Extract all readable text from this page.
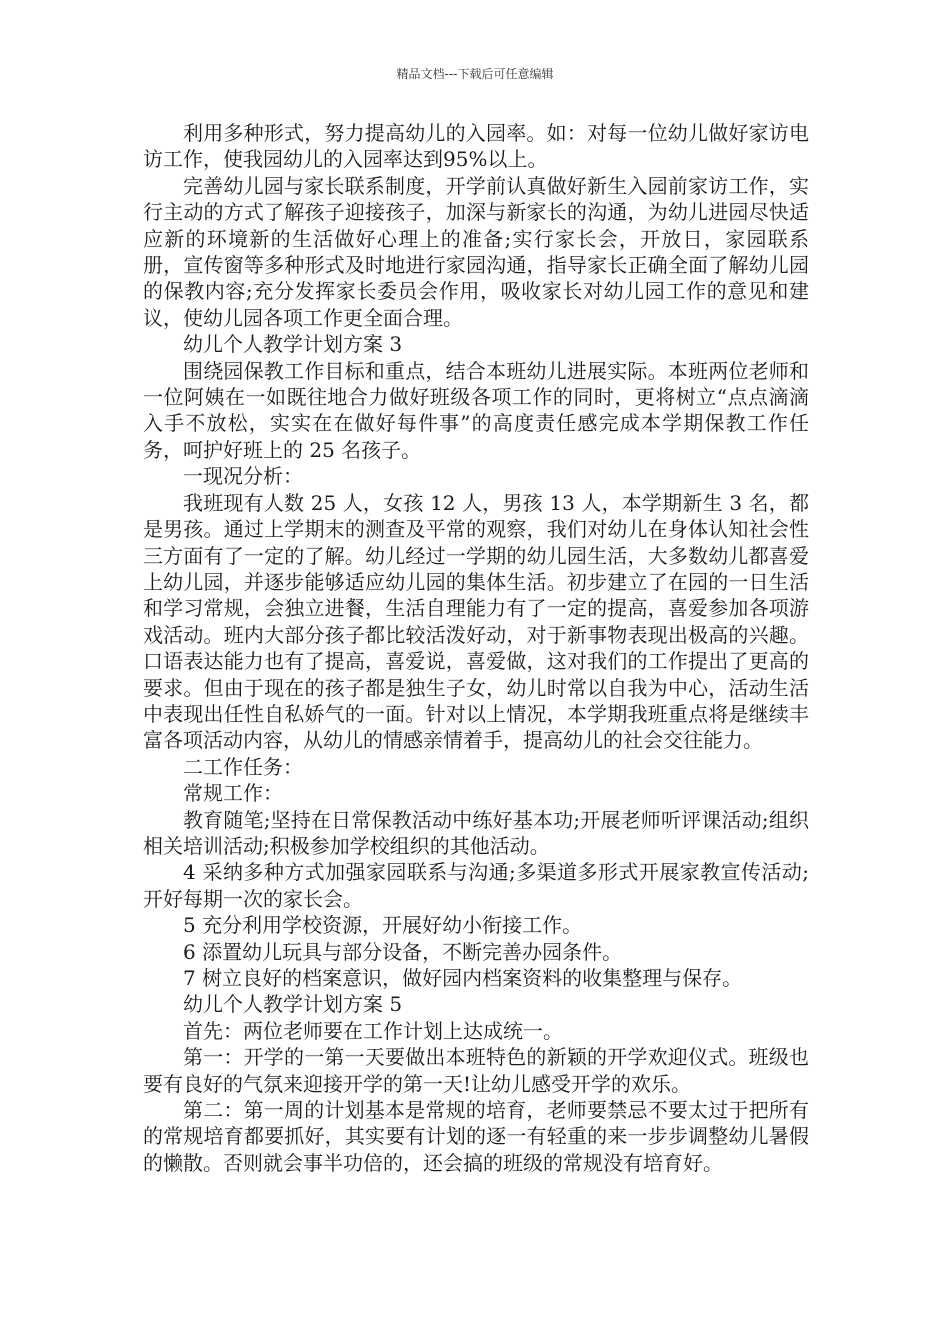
精品文档---下载后可任意编辑

利用多种形式，努力提高幼儿的入园率。如：对每一位幼儿做好家访电访工作，使我园幼儿的入园率达到95%以上。

完善幼儿园与家长联系制度，开学前认真做好新生入园前家访工作，实行主动的方式了解孩子迎接孩子，加深与新家长的沟通，为幼儿进园尽快适应新的环境新的生活做好心理上的准备;实行家长会，开放日，家园联系册，宣传窗等多种形式及时地进行家园沟通，指导家长正确全面了解幼儿园的保教内容;充分发挥家长委员会作用，吸收家长对幼儿园工作的意见和建议，使幼儿园各项工作更全面合理。

幼儿个人教学计划方案 3

围绕园保教工作目标和重点，结合本班幼儿进展实际。本班两位老师和一位阿姨在一如既往地合力做好班级各项工作的同时，更将树立“点点滴滴入手不放松，实实在在做好每件事”的高度责任感完成本学期保教工作任务，呵护好班上的 25 名孩子。

一现况分析：

我班现有人数 25 人，女孩 12 人，男孩 13 人，本学期新生 3 名，都是男孩。通过上学期末的测查及平常的观察，我们对幼儿在身体认知社会性三方面有了一定的了解。幼儿经过一学期的幼儿园生活，大多数幼儿都喜爱上幼儿园，并逐步能够适应幼儿园的集体生活。初步建立了在园的一日生活和学习常规，会独立进餐，生活自理能力有了一定的提高，喜爱参加各项游戏活动。班内大部分孩子都比较活泼好动，对于新事物表现出极高的兴趣。口语表达能力也有了提高，喜爱说，喜爱做，这对我们的工作提出了更高的要求。但由于现在的孩子都是独生子女，幼儿时常以自我为中心，活动生活中表现出任性自私娇气的一面。针对以上情况，本学期我班重点将是继续丰富各项活动内容，从幼儿的情感亲情着手，提高幼儿的社会交往能力。

二工作任务：

常规工作：

教育随笔;坚持在日常保教活动中练好基本功;开展老师听评课活动;组织相关培训活动;积极参加学校组织的其他活动。

4 采纳多种方式加强家园联系与沟通;多渠道多形式开展家教宣传活动;开好每期一次的家长会。

5 充分利用学校资源，开展好幼小衔接工作。

6 添置幼儿玩具与部分设备，不断完善办园条件。

7 树立良好的档案意识，做好园内档案资料的收集整理与保存。

幼儿个人教学计划方案 5

首先：两位老师要在工作计划上达成统一。

第一：开学的一第一天要做出本班特色的新颖的开学欢迎仪式。班级也要有良好的气氛来迎接开学的第一天!让幼儿感受开学的欢乐。

第二：第一周的计划基本是常规的培育，老师要禁忌不要太过于把所有的常规培育都要抓好，其实要有计划的逐一有轻重的来一步步调整幼儿暑假的懒散。否则就会事半功倍的，还会搞的班级的常规没有培育好。
